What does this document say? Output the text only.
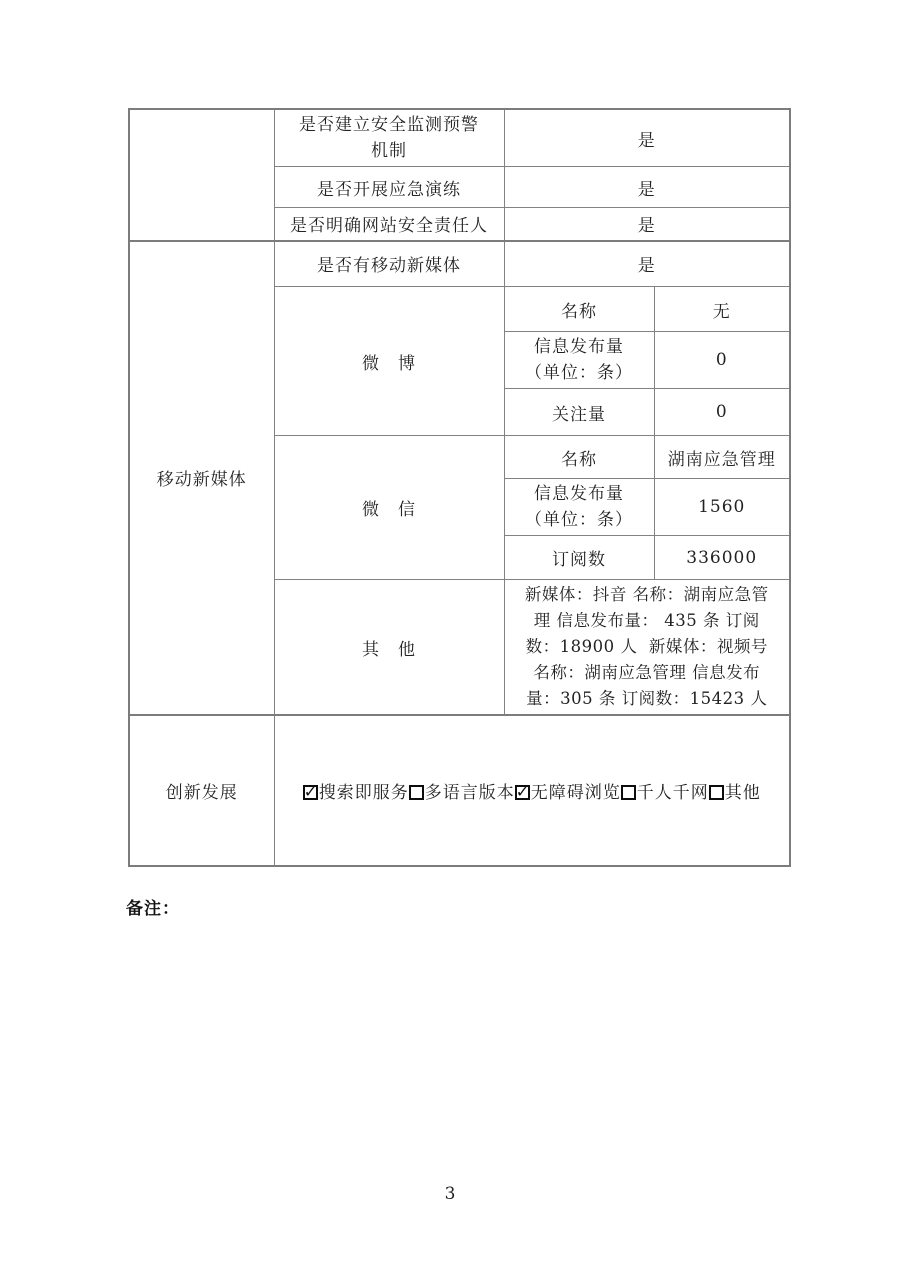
	是否建立安全监测预警
机制	是	
	是否开展应急演练	是	
	是否明确网站安全责任人	是	
移动新媒体	是否有移动新媒体	是	
	微　博	名称	无

		信息发布量
（单位：条）	0
		关注量	0
	微　信	名称	湖南应急管理

		信息发布量
（单位：条）	1560
		订阅数	336000
	其　他	新媒体：抖音 名称：湖南应急管
理 信息发布量： 435 条 订阅
数：18900 人  新媒体：视频号
名称：湖南应急管理 信息发布
量：305 条 订阅数：15423 人	

创新发展	✓搜索即服务 多语言版本 ✓ 无障碍浏览 千人千网 其他
备注：
3
